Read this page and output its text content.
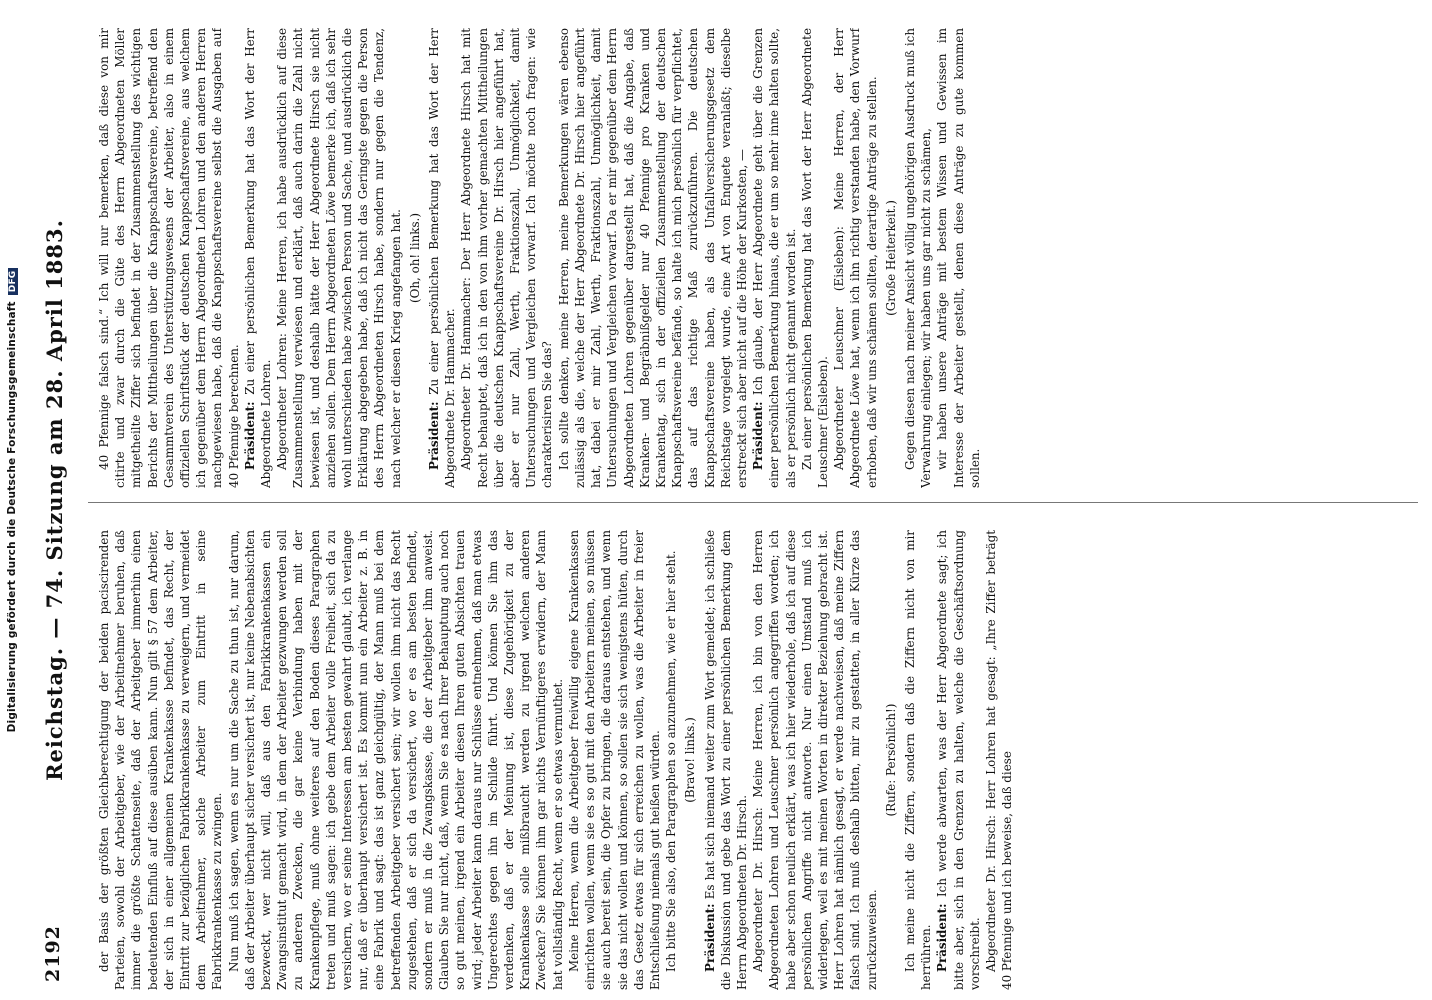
Digitalisierung gefördert durch die Deutsche ForschungsgemeinschaftDFG
2192
Reichstag. — 74. Sitzung am 28. April 1883.	der Basis der größten Gleichberechtigung der beiden paciscirenden Parteien, sowohl der Arbeitgeber, wie der Arbeitnehmer beruhen, daß immer die größte Schattenseite, daß der Arbeitgeber immerhin einen bedeutenden Einfluß auf diese ausüben kann. Nun gilt § 57 dem Arbeiter, der sich in einer allgemeinen Krankenkasse befindet, das Recht, der Eintritt zur bezüglichen Fabrikkrankenkasse zu verweigern, und vermeidet dem Arbeitnehmer, solche Arbeiter zum Eintritt in seine Fabrikkrankenkasse zu zwingen. Nun muß ich sagen, wenn es nur um die Sache zu thun ist, nur darum, daß der Arbeiter überhaupt sicher versichert ist, nur keine Nebenabsichten bezweckt, wer nicht will, daß aus den Fabrikkrankenkassen ein Zwangsinstitut gemacht wird, in dem der Arbeiter gezwungen werden soll zu anderen Zwecken, die gar keine Verbindung haben mit der Krankenpflege, muß ohne weiteres auf den Boden dieses Paragraphen treten und muß sagen: ich gebe dem Arbeiter volle Freiheit, sich da zu versichern, wo er seine Interessen am besten gewahrt glaubt, ich verlange nur, daß er überhaupt versichert ist. Es kommt nun ein Arbeiter z. B. in eine Fabrik und sagt: das ist ganz gleichgültig, der Mann muß bei dem betreffenden Arbeitgeber versichert sein; wir wollen ihm nicht das Recht zugestehen, daß er sich da versichert, wo er es am besten befindet, sondern er muß in die Zwangskasse, die der Arbeitgeber ihm anweist. Glauben Sie nur nicht, daß, wenn Sie es nach Ihrer Behauptung auch noch so gut meinen, irgend ein Arbeiter diesen Ihren guten Absichten trauen wird; jeder Arbeiter kann daraus nur Schlüsse entnehmen, daß man etwas Ungerechtes gegen ihn im Schilde führt. Und können Sie ihm das verdenken, daß er der Meinung ist, diese Zugehörigkeit zu der Krankenkasse solle mißbraucht werden zu irgend welchen anderen Zwecken? Sie können ihm gar nichts Vernünftigeres erwidern, der Mann hat vollständig Recht, wenn er so etwas vermuthet. Meine Herren, wenn die Arbeitgeber freiwillig eigene Krankenkassen einrichten wollen, wenn sie es so gut mit den Arbeitern meinen, so müssen sie auch bereit sein, die Opfer zu bringen, die daraus entstehen, und wenn sie das nicht wollen und können, so sollen sie sich wenigstens hüten, durch das Gesetz etwas für sich erreichen zu wollen, was die Arbeiter in freier Entschließung niemals gut heißen würden. Ich bitte Sie also, den Paragraphen so anzunehmen, wie er hier steht. (Bravo! links.)

Präsident: Es hat sich niemand weiter zum Wort gemeldet; ich schließe die Diskussion und gebe das Wort zu einer persönlichen Bemerkung dem Herrn Abgeordneten Dr. Hirsch. Abgeordneter Dr. Hirsch: Meine Herren, ich bin von den Herren Abgeordneten Lohren und Leuschner persönlich angegriffen worden; ich habe aber schon neulich erklärt, was ich hier wiederhole, daß ich auf diese persönlichen Angriffe nicht antworte. Nur einen Umstand muß ich widerlegen, weil es mit meinen Worten in direkter Beziehung gebracht ist. Herr Lohren hat nämlich gesagt, er werde nachweisen, daß meine Ziffern falsch sind. Ich muß deshalb bitten, mir zu gestatten, in aller Kürze das zurückzuweisen.

(Rufe: Persönlich!) Ich meine nicht die Ziffern, sondern daß die Ziffern nicht von mir herrühren. Präsident: Ich werde abwarten, was der Herr Abgeordnete sagt; ich bitte aber, sich in den Grenzen zu halten, welche die Geschäftsordnung vorschreibt. Abgeordneter Dr. Hirsch: Herr Lohren hat gesagt: „Ihre Ziffer beträgt 40 Pfennige und ich beweise, daß diese

40 Pfennige falsch sind.“ Ich will nur bemerken, daß diese von mir citirte und zwar durch die Güte des Herrn Abgeordneten Möller mitgetheilte Ziffer sich befindet in der Zusammenstellung des wichtigen Berichts der Mittheilungen über die Knappschaftsvereine, betreffend den Gesammtverein des Unterstützungswesens der Arbeiter, also in einem offiziellen Schriftstück der deutschen Knappschaftsvereine, aus welchem ich gegenüber dem Herrn Abgeordneten Lohren und den anderen Herren nachgewiesen habe, daß die Knappschaftsvereine selbst die Ausgaben auf 40 Pfennige berechnen. Präsident: Zu einer persönlichen Bemerkung hat das Wort der Herr Abgeordnete Lohren. Abgeordneter Lohren: Meine Herren, ich habe ausdrücklich auf diese Zusammenstellung verwiesen und erklärt, daß auch darin die Zahl nicht bewiesen ist, und deshalb hätte der Herr Abgeordnete Hirsch sie nicht anziehen sollen. Dem Herrn Abgeordneten Löwe bemerke ich, daß ich sehr wohl unterschieden habe zwischen Person und Sache, und ausdrücklich die Erklärung abgegeben habe, daß ich nicht das Geringste gegen die Person des Herrn Abgeordneten Hirsch habe, sondern nur gegen die Tendenz, nach welcher er diesen Krieg angefangen hat. (Oh, oh! links.)

Präsident: Zu einer persönlichen Bemerkung hat das Wort der Herr Abgeordnete Dr. Hammacher. Abgeordneter Dr. Hammacher: Der Herr Abgeordnete Hirsch hat mit Recht behauptet, daß ich in den von ihm vorher gemachten Mittheilungen über die deutschen Knappschaftsvereine Dr. Hirsch hier angeführt hat, aber er nur Zahl, Werth, Fraktionszahl, Unmöglichkeit, damit Untersuchungen und Vergleichen vorwarf. Ich möchte noch fragen: wie charakterisiren Sie das? Ich sollte denken, meine Herren, meine Bemerkungen wären ebenso zulässig als die, welche der Herr Abgeordnete Dr. Hirsch hier angeführt hat, dabei er mir Zahl, Werth, Fraktionszahl, Unmöglichkeit, damit Untersuchungen und Vergleichen vorwarf. Da er mir gegenüber dem Herrn Abgeordneten Lohren gegenüber dargestellt hat, daß die Angabe, daß Kranken- und Begräbnißgelder nur 40 Pfennige pro Kranken und Krankentag, sich in der offiziellen Zusammenstellung der deutschen Knappschaftsvereine befände, so halte ich mich persönlich für verpflichtet, das auf das richtige Maß zurückzuführen. Die deutschen Knappschaftsvereine haben, als das Unfallversicherungsgesetz dem Reichstage vorgelegt wurde, eine Art von Enquete veranlaßt; dieselbe erstreckt sich aber nicht auf die Höhe der Kurkosten, — Präsident: Ich glaube, der Herr Abgeordnete geht über die Grenzen einer persönlichen Bemerkung hinaus, die er um so mehr inne halten sollte, als er persönlich nicht genannt worden ist. Zu einer persönlichen Bemerkung hat das Wort der Herr Abgeordnete Leuschner (Eisleben). Abgeordneter Leuschner (Eisleben): Meine Herren, der Herr Abgeordnete Löwe hat, wenn ich ihn richtig verstanden habe, den Vorwurf erhoben, daß wir uns schämen sollten, derartige Anträge zu stellen. (Große Heiterkeit.) Gegen diesen nach meiner Ansicht völlig ungehörigen Ausdruck muß ich Verwahrung einlegen; wir haben uns gar nicht zu schämen, wir haben unsere Anträge mit bestem Wissen und Gewissen im Interesse der Arbeiter gestellt, denen diese Anträge zu gute kommen sollen.
